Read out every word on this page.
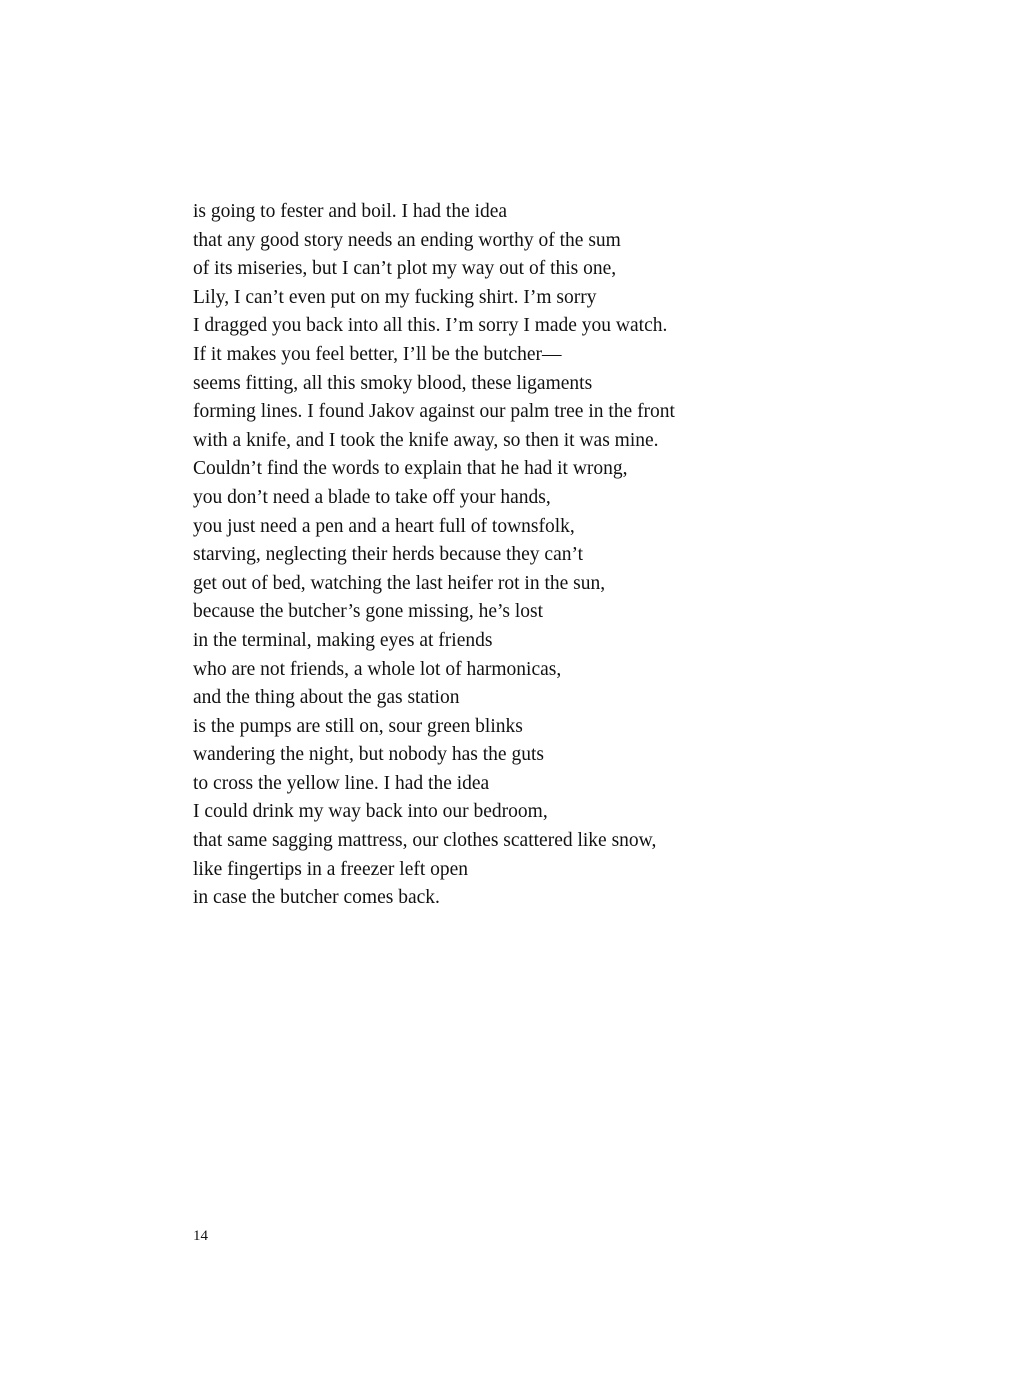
is going to fester and boil. I had the idea
that any good story needs an ending worthy of the sum
of its miseries, but I can’t plot my way out of this one,
Lily, I can’t even put on my fucking shirt. I’m sorry
I dragged you back into all this. I’m sorry I made you watch.
If it makes you feel better, I’ll be the butcher—
seems fitting, all this smoky blood, these ligaments
forming lines. I found Jakov against our palm tree in the front
with a knife, and I took the knife away, so then it was mine.
Couldn’t find the words to explain that he had it wrong,
you don’t need a blade to take off your hands,
you just need a pen and a heart full of townsfolk,
starving, neglecting their herds because they can’t
get out of bed, watching the last heifer rot in the sun,
because the butcher’s gone missing, he’s lost
in the terminal, making eyes at friends
who are not friends, a whole lot of harmonicas,
and the thing about the gas station
is the pumps are still on, sour green blinks
wandering the night, but nobody has the guts
to cross the yellow line. I had the idea
I could drink my way back into our bedroom,
that same sagging mattress, our clothes scattered like snow,
like fingertips in a freezer left open
in case the butcher comes back.
14
